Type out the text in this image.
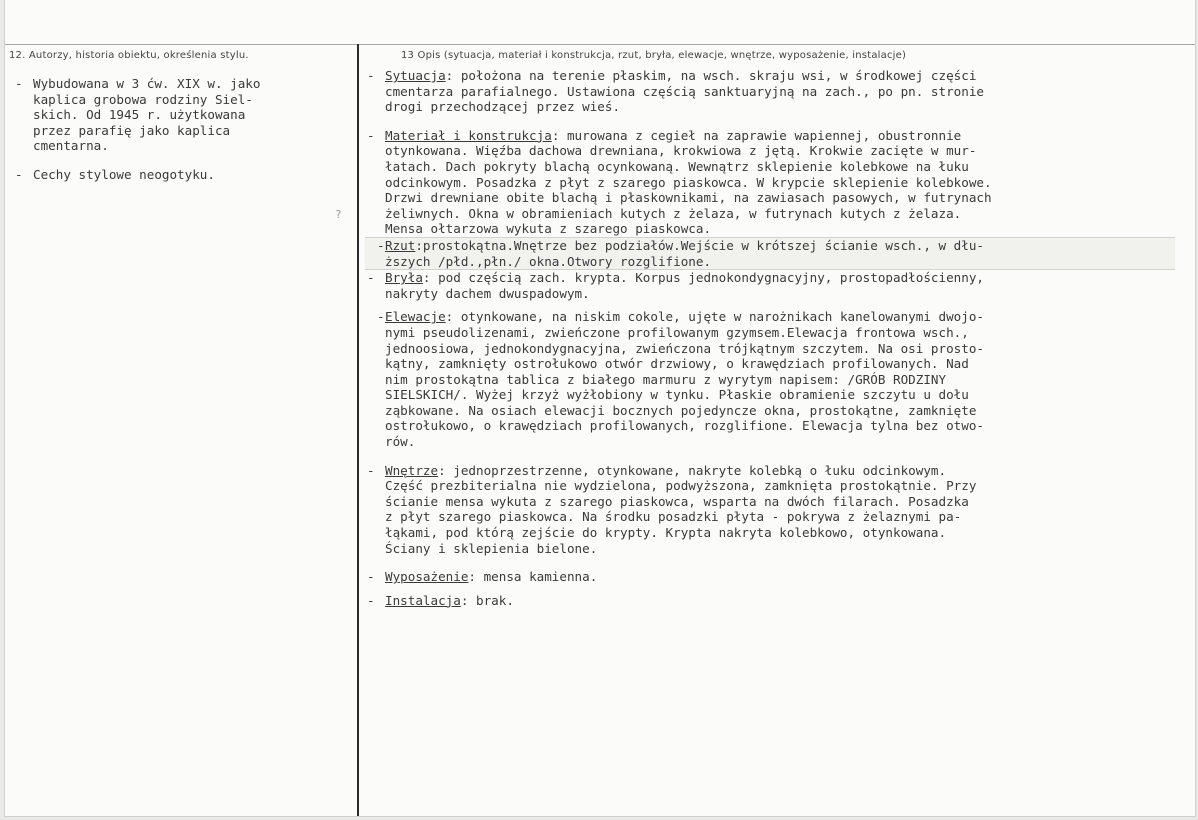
12. Autorzy, historia obiektu, określenia stylu.	13 Opis (sytuacja, materiał i konstrukcja, rzut, bryła, elewacje, wnętrze, wyposażenie, instalacje)
- Wybudowana w 3 ćw. XIX w. jako
kaplica grobowa rodziny Siel-
skich. Od 1945 r. użytkowana
przez parafię jako kaplica
cmentarna.

- Cechy stylowe neogotyku.

?
- Sytuacja: położona na terenie płaskim, na wsch. skraju wsi, w środkowej części
cmentarza parafialnego. Ustawiona częścią sanktuaryjną na zach., po pn. stronie
drogi przechodzącej przez wieś.

- Materiał i konstrukcja: murowana z cegieł na zaprawie wapiennej, obustronnie
otynkowana. Więźba dachowa drewniana, krokwiowa z jętą. Krokwie zacięte w mur-
łatach. Dach pokryty blachą ocynkowaną. Wewnątrz sklepienie kolebkowe na łuku
odcinkowym. Posadzka z płyt z szarego piaskowca. W krypcie sklepienie kolebkowe.
Drzwi drewniane obite blachą i płaskownikami, na zawiasach pasowych, w futrynach
żeliwnych. Okna w obramieniach kutych z żelaza, w futrynach kutych z żelaza.
Mensa ołtarzowa wykuta z szarego piaskowca.

- Rzut:prostokątna.Wnętrze bez podziałów.Wejście w krótszej ścianie wsch., w dłu-
ższych /płd.,płn./ okna.Otwory rozglifione.

- Bryła: pod częścią zach. krypta. Korpus jednokondygnacyjny, prostopadłościenny,
nakryty dachem dwuspadowym.

- Elewacje: otynkowane, na niskim cokole, ujęte w narożnikach kanelowanymi dwojo-
nymi pseudolizenami, zwieńczone profilowanym gzymsem.Elewacja frontowa wsch.,
jednoosiowa, jednokondygnacyjna, zwieńczona trójkątnym szczytem. Na osi prosto-
kątny, zamknięty ostrołukowo otwór drzwiowy, o krawędziach profilowanych. Nad
nim prostokątna tablica z białego marmuru z wyrytym napisem: /GRÓB RODZINY
SIELSKICH/. Wyżej krzyż wyżłobiony w tynku. Płaskie obramienie szczytu u dołu
ząbkowane. Na osiach elewacji bocznych pojedyncze okna, prostokątne, zamknięte
ostrołukowo, o krawędziach profilowanych, rozglifione. Elewacja tylna bez otwo-
rów.

- Wnętrze: jednoprzestrzenne, otynkowane, nakryte kolebką o łuku odcinkowym.
Część prezbiterialna nie wydzielona, podwyższona, zamknięta prostokątnie. Przy
ścianie mensa wykuta z szarego piaskowca, wsparta na dwóch filarach. Posadzka
z płyt szarego piaskowca. Na środku posadzki płyta - pokrywa z żelaznymi pa-
łąkami, pod którą zejście do krypty. Krypta nakryta kolebkowo, otynkowana.
Ściany i sklepienia bielone.

- Wyposażenie: mensa kamienna.

- Instalacja: brak.
